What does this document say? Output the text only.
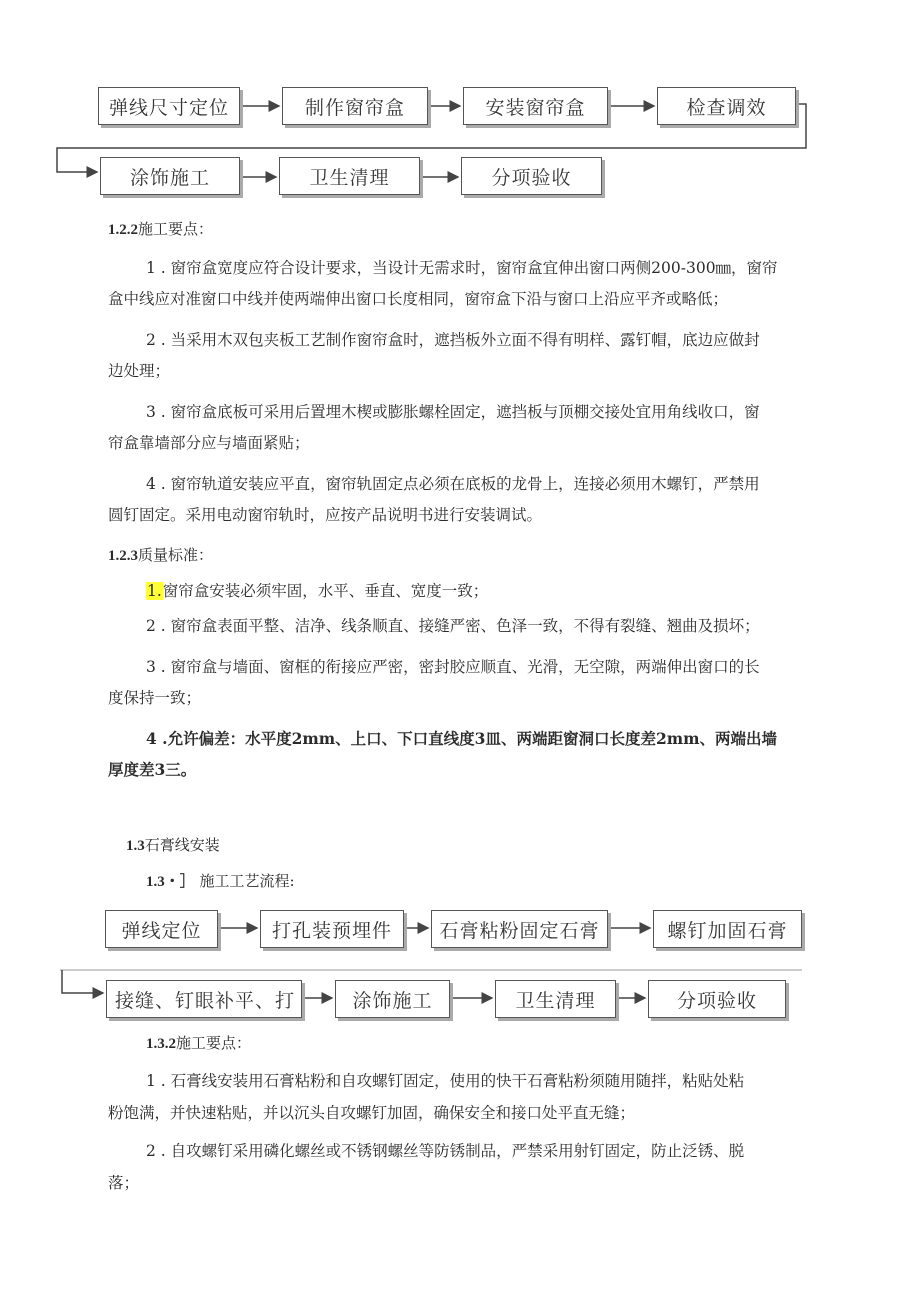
弹线尺寸定位	制作窗帘盒	安装窗帘盒	检查调效
涂饰施工	卫生清理	分项验收
1.2.2施工要点：
1 . 窗帘盒宽度应符合设计要求，当设计无需求时，窗帘盒宜伸出窗口两侧200-300㎜，窗帘
盒中线应对准窗口中线并使两端伸出窗口长度相同，窗帘盒下沿与窗口上沿应平齐或略低；
2 . 当采用木双包夹板工艺制作窗帘盒时，遮挡板外立面不得有明样、露钉帽，底边应做封
边处理；
3 . 窗帘盒底板可采用后置埋木楔或膨胀螺栓固定，遮挡板与顶棚交接处宜用角线收口，窗
帘盒靠墙部分应与墙面紧贴；
4 . 窗帘轨道安装应平直，窗帘轨固定点必须在底板的龙骨上，连接必须用木螺钉，严禁用
圆钉固定。采用电动窗帘轨时，应按产品说明书进行安装调试。
1.2.3质量标准：
1.窗帘盒安装必须牢固，水平、垂直、宽度一致；
2 . 窗帘盒表面平整、洁净、线条顺直、接缝严密、色泽一致，不得有裂缝、翘曲及损坏；
3 . 窗帘盒与墙面、窗框的衔接应严密，密封胶应顺直、光滑，无空隙，两端伸出窗口的长
度保持一致；
4 .允许偏差：水平度2mm、上口、下口直线度3皿、两端距窗洞口长度差2mm、两端出墙
厚度差3三。
1.3石膏线安装
1.3・］ 施工工艺流程:
弹线定位	打孔装预埋件	石膏粘粉固定石膏	螺钉加固石膏
接缝、钉眼补平、打	涂饰施工	卫生清理	分项验收
1.3.2施工要点：
1 . 石膏线安装用石膏粘粉和自攻螺钉固定，使用的快干石膏粘粉须随用随拌，粘贴处粘
粉饱满，并快速粘贴，并以沉头自攻螺钉加固，确保安全和接口处平直无缝；
2 . 自攻螺钉采用磷化螺丝或不锈钢螺丝等防锈制品，严禁采用射钉固定，防止泛锈、脱
落；
